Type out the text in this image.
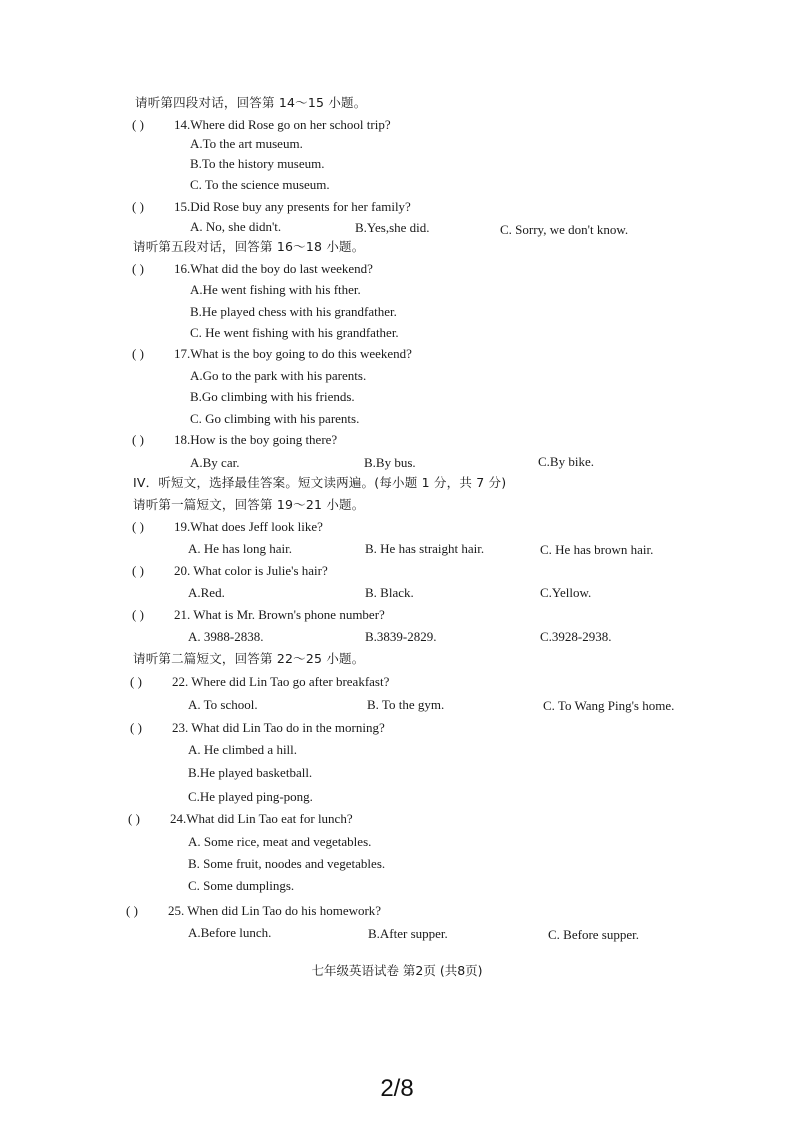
请听第四段对话，回答第 14～15 小题。
( ) 14.Where did Rose go on her school trip?
A.To the art museum.
B.To the history museum.
C. To the science museum.
( ) 15.Did Rose buy any presents for her family?
A. No, she didn't.	B.Yes,she did.	C. Sorry, we don't know.
请听第五段对话，回答第 16～18 小题。
( ) 16.What did the boy do last weekend?
A.He went fishing with his fther.
B.He played chess with his grandfather.
C. He went fishing with his grandfather.
( ) 17.What is the boy going to do this weekend?
A.Go to the park with his parents.
B.Go climbing with his friends.
C. Go climbing with his parents.
( ) 18.How is the boy going there?
A.By car.	B.By bus.	C.By bike.
IV．听短文，选择最佳答案。短文读两遍。(每小题 1 分，共 7 分)
请听第一篇短文，回答第 19～21 小题。
( ) 19.What does Jeff look like?
A. He has long hair.	B. He has straight hair.	C. He has brown hair.
( ) 20. What color is Julie's hair?
A.Red.	B. Black.	C.Yellow.
( ) 21. What is Mr. Brown's phone number?
A. 3988-2838.	B.3839-2829.	C.3928-2938.
请听第二篇短文，回答第 22～25 小题。
( ) 22. Where did Lin Tao go after breakfast?
A. To school.	B. To the gym.	C. To Wang Ping's home.
( ) 23. What did Lin Tao do in the morning?
A. He climbed a hill.
B.He played basketball.
C.He played ping-pong.
( ) 24.What did Lin Tao eat for lunch?
A. Some rice, meat and vegetables.
B. Some fruit, noodes and vegetables.
C. Some dumplings.
( ) 25. When did Lin Tao do his homework?
A.Before lunch.	B.After supper.	C. Before supper.
七年级英语试卷 第2页 (共8页)
2/8
